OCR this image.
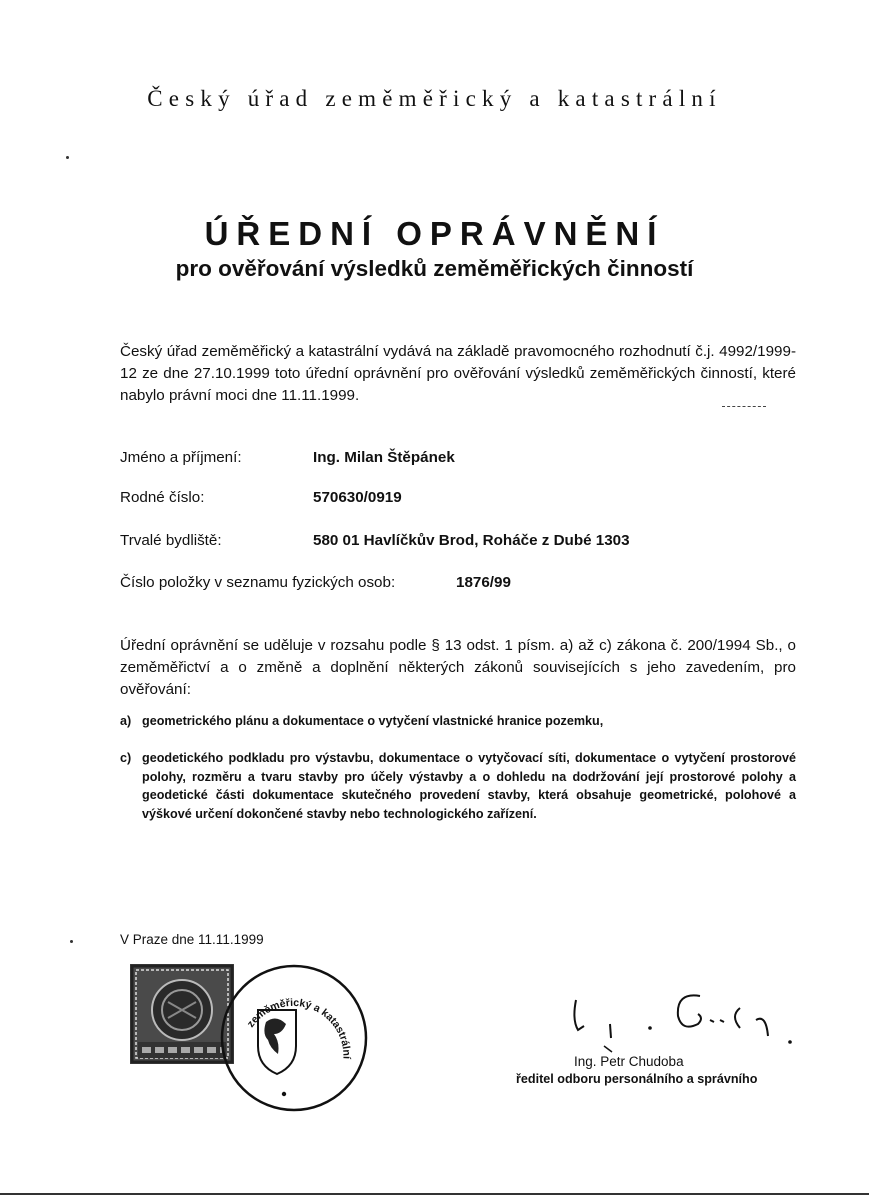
Český úřad zeměměřický a katastrální
ÚŘEDNÍ OPRÁVNĚNÍ
pro ověřování výsledků zeměměřických činností
Český úřad zeměměřický a katastrální vydává na základě pravomocného rozhodnutí č.j. 4992/1999-12 ze dne 27.10.1999 toto úřední oprávnění pro ověřování výsledků zeměměřických činností, které nabylo právní moci dne 11.11.1999.
Jméno a příjmení:	Ing. Milan Štěpánek
Rodné číslo:	570630/0919
Trvalé bydliště:	580 01 Havlíčkův Brod, Roháče z Dubé 1303
Číslo položky v seznamu fyzických osob:	1876/99
Úřední oprávnění se uděluje v rozsahu podle § 13 odst. 1 písm. a) až c) zákona č. 200/1994 Sb., o zeměměřictví a o změně a doplnění některých zákonů souvisejících s jeho zavedením, pro ověřování:
a) geometrického plánu a dokumentace o vytyčení vlastnické hranice pozemku,
c) geodetického podkladu pro výstavbu, dokumentace o vytyčovací síti, dokumentace o vytyčení prostorové polohy, rozměru a tvaru stavby pro účely výstavby a o dohledu na dodržování její prostorové polohy a geodetické části dokumentace skutečného provedení stavby, která obsahuje geometrické, polohové a výškové určení dokončené stavby nebo technologického zařízení.
V Praze dne 11.11.1999
zeměměřický a katastrální	Ing. Petr Chudoba
ředitel odboru personálního a správního
